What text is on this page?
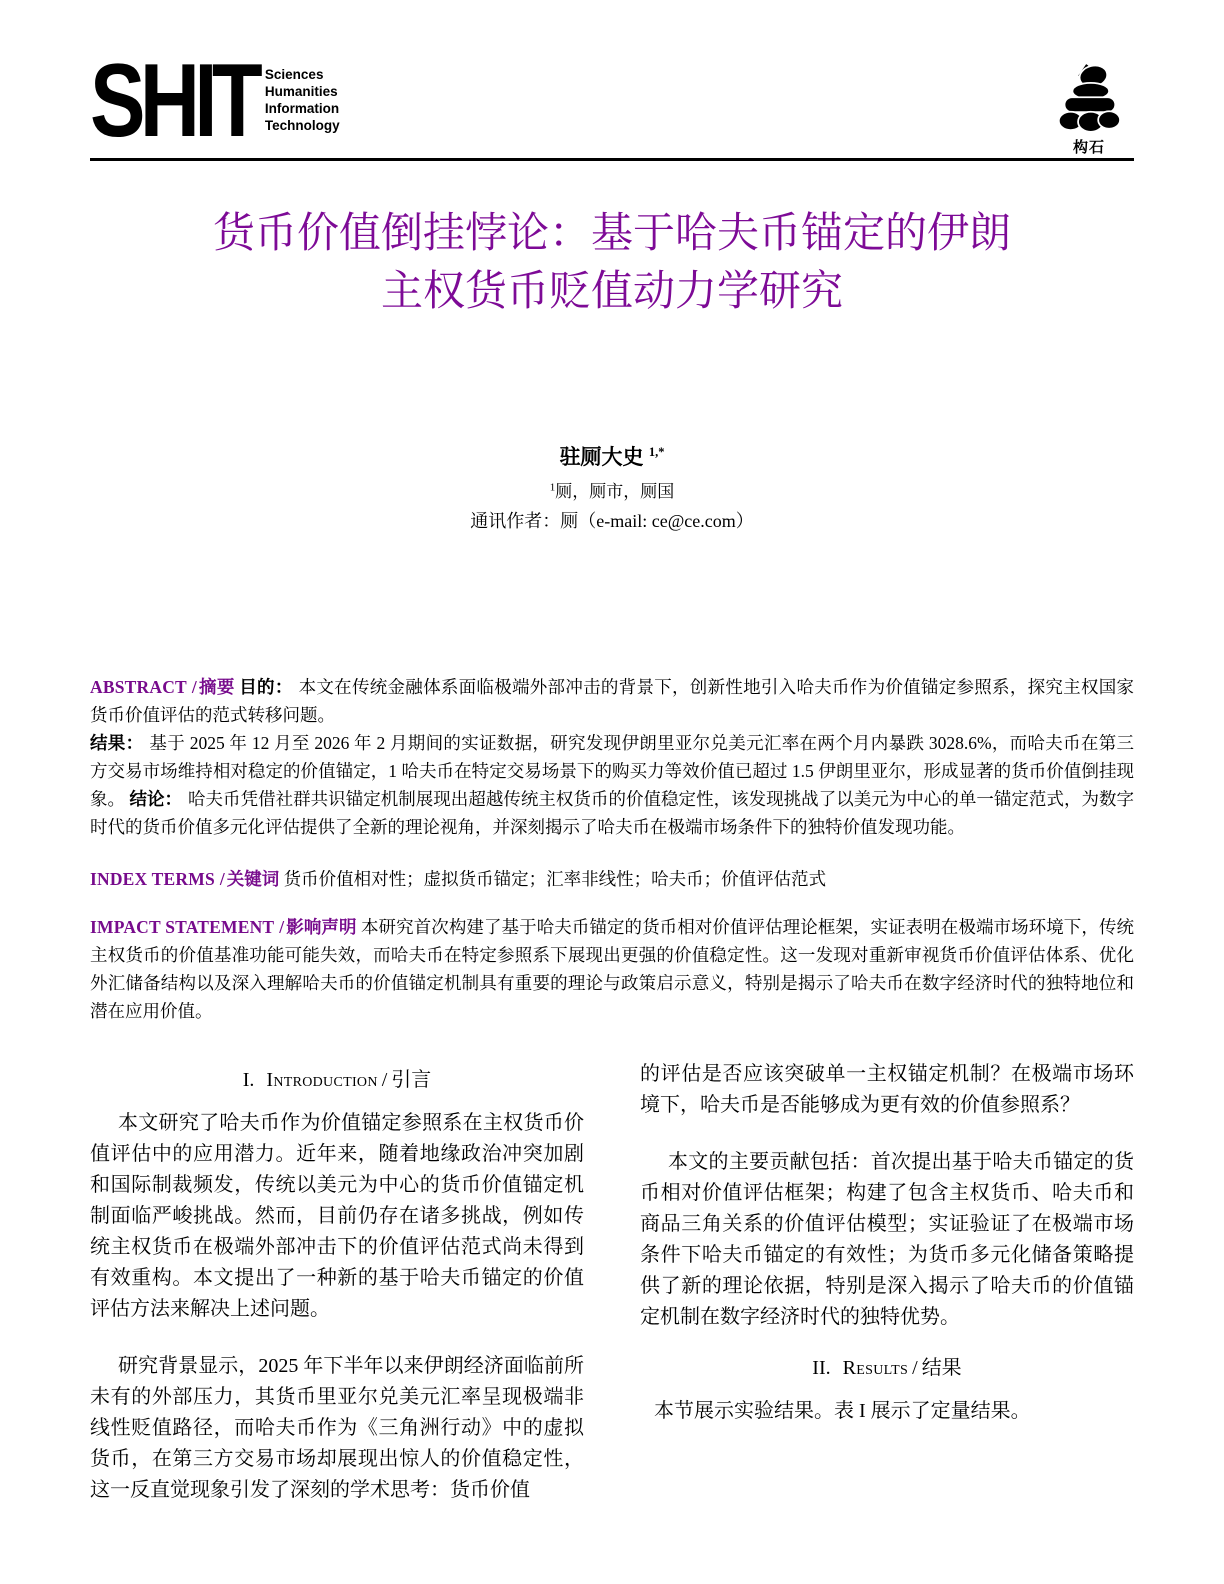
SHIT Sciences
Humanities
Information
Technology
构石
货币价值倒挂悖论：基于哈夫币锚定的伊朗
主权货币贬值动力学研究
驻厕大史 $^{1,*}$
$^1$厕，厕市，厕国
通讯作者：厕（e-mail: ce@ce.com）

ABSTRACT / 摘要 目的： 本文在传统金融体系面临极端外部冲击的背景下，创新性地引入哈夫币作为价值锚定参照系，探究主权国家货币价值评估的范式转移问题。

结果： 基于 2025 年 12 月至 2026 年 2 月期间的实证数据，研究发现伊朗里亚尔兑美元汇率在两个月内暴跌 3028.6%，而哈夫币在第三方交易市场维持相对稳定的价值锚定，1 哈夫币在特定交易场景下的购买力等效价值已超过 1.5 伊朗里亚尔，形成显著的货币价值倒挂现象。 结论： 哈夫币凭借社群共识锚定机制展现出超越传统主权货币的价值稳定性，该发现挑战了以美元为中心的单一锚定范式，为数字时代的货币价值多元化评估提供了全新的理论视角，并深刻揭示了哈夫币在极端市场条件下的独特价值发现功能。

INDEX TERMS / 关键词 货币价值相对性；虚拟货币锚定；汇率非线性；哈夫币；价值评估范式

IMPACT STATEMENT / 影响声明 本研究首次构建了基于哈夫币锚定的货币相对价值评估理论框架，实证表明在极端市场环境下，传统主权货币的价值基准功能可能失效，而哈夫币在特定参照系下展现出更强的价值稳定性。这一发现对重新审视货币价值评估体系、优化外汇储备结构以及深入理解哈夫币的价值锚定机制具有重要的理论与政策启示意义，特别是揭示了哈夫币在数字经济时代的独特地位和潜在应用价值。

I. Introduction / 引言

本文研究了哈夫币作为价值锚定参照系在主权货币价值评估中的应用潜力。近年来，随着地缘政治冲突加剧和国际制裁频发，传统以美元为中心的货币价值锚定机制面临严峻挑战。然而，目前仍存在诸多挑战，例如传统主权货币在极端外部冲击下的价值评估范式尚未得到有效重构。本文提出了一种新的基于哈夫币锚定的价值评估方法来解决上述问题。

研究背景显示，2025 年下半年以来伊朗经济面临前所未有的外部压力，其货币里亚尔兑美元汇率呈现极端非线性贬值路径，而哈夫币作为《三角洲行动》中的虚拟货币，在第三方交易市场却展现出惊人的价值稳定性，这一反直觉现象引发了深刻的学术思考：货币价值

的评估是否应该突破单一主权锚定机制？在极端市场环境下，哈夫币是否能够成为更有效的价值参照系？

本文的主要贡献包括：首次提出基于哈夫币锚定的货币相对价值评估框架；构建了包含主权货币、哈夫币和商品三角关系的价值评估模型；实证验证了在极端市场条件下哈夫币锚定的有效性；为货币多元化储备策略提供了新的理论依据，特别是深入揭示了哈夫币的价值锚定机制在数字经济时代的独特优势。

II. Results / 结果

本节展示实验结果。表 I 展示了定量结果。
